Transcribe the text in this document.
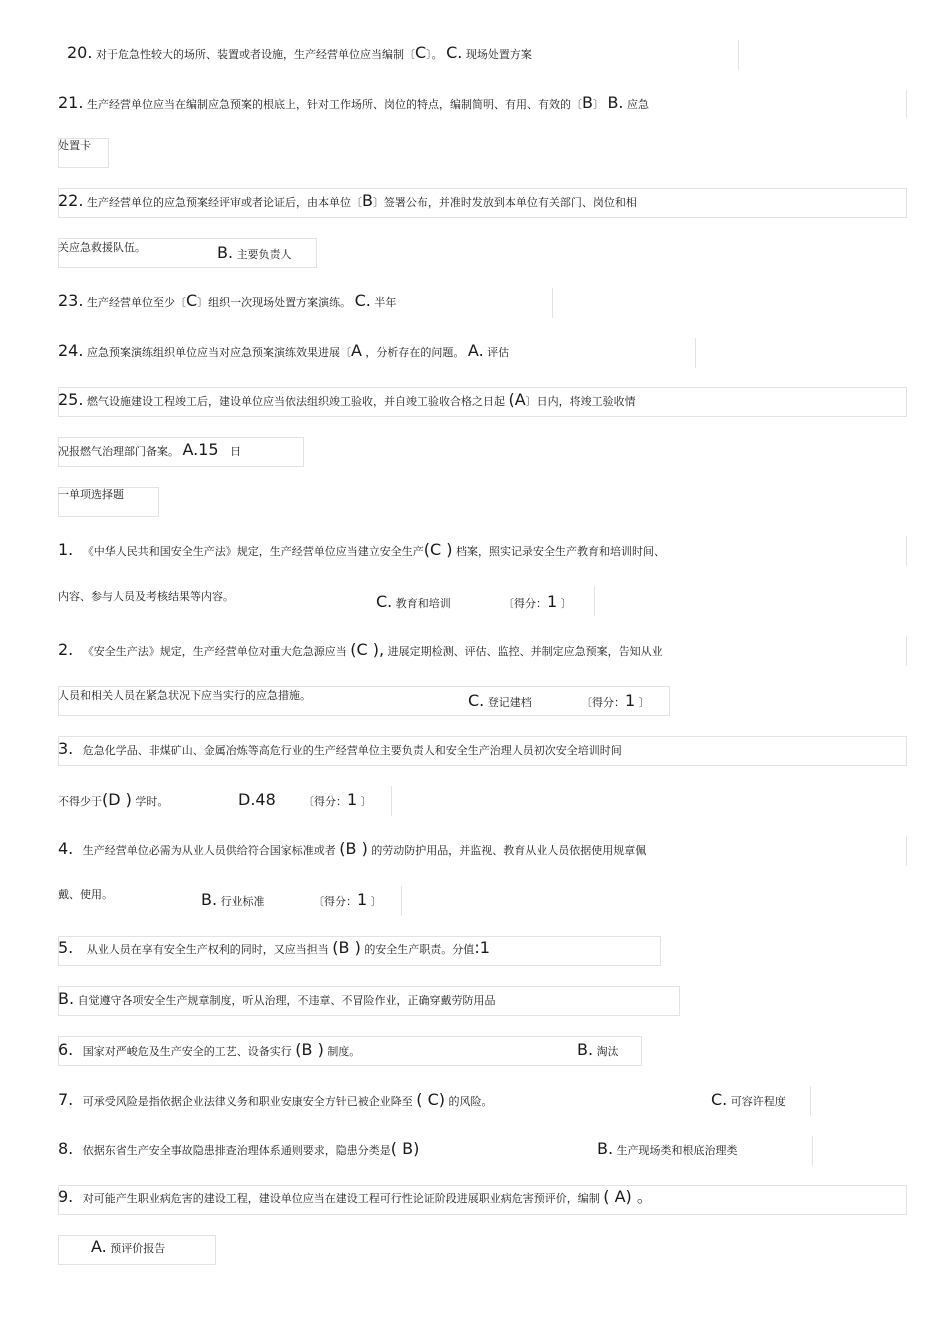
20. 对于危急性较大的场所、装置或者设施，生产经营单位应当编制〔C〕。 C. 现场处置方案
21. 生产经营单位应当在编制应急预案的根底上，针对工作场所、岗位的特点，编制简明、有用、有效的〔B〕 B. 应急
处置卡
22. 生产经营单位的应急预案经评审或者论证后，由本单位〔B〕签署公布，并准时发放到本单位有关部门、岗位和相
关应急救援队伍。	B. 主要负责人
23. 生产经营单位至少〔C〕组织一次现场处置方案演练。 C. 半年
24. 应急预案演练组织单位应当对应急预案演练效果进展〔A ，分析存在的问题。 A. 评估
25. 燃气设施建设工程竣工后，建设单位应当依法组织竣工验收，并自竣工验收合格之日起 (A〕日内，将竣工验收情
况报燃气治理部门备案。 A.15 日
一单项选择题
1. 《中华人民共和国安全生产法》规定，生产经营单位应当建立安全生产(C ) 档案，照实记录安全生产教育和培训时间、
内容、参与人员及考核结果等内容。	C. 教育和培训	〔得分：1 〕
2. 《安全生产法》规定，生产经营单位对重大危急源应当 (C ), 进展定期检测、评估、监控、并制定应急预案，告知从业
人员和相关人员在紧急状况下应当实行的应急措施。	C. 登记建档	〔得分：1 〕
3. 危急化学品、非煤矿山、金属冶炼等高危行业的生产经营单位主要负责人和安全生产治理人员初次安全培训时间
不得少于(D ) 学时。	D.48 〔得分：1 〕
4. 生产经营单位必需为从业人员供给符合国家标准或者 (B ) 的劳动防护用品，并监视、教育从业人员依据使用规章佩
戴、使用。	B. 行业标准	〔得分：1 〕
5. 从业人员在享有安全生产权利的同时，又应当担当 (B ) 的安全生产职责。分值:1
B. 自觉遵守各项安全生产规章制度，听从治理，不违章、不冒险作业，正确穿戴劳防用品
6. 国家对严峻危及生产安全的工艺、设备实行 (B ) 制度。	B. 淘汰
7. 可承受风险是指依据企业法律义务和职业安康安全方针已被企业降至 ( C) 的风险。	C. 可容许程度
8. 依据东省生产安全事故隐患排查治理体系通则要求，隐患分类是( B)	B. 生产现场类和根底治理类
9. 对可能产生职业病危害的建设工程，建设单位应当在建设工程可行性论证阶段进展职业病危害预评价，编制 ( A) 。
A. 预评价报告
